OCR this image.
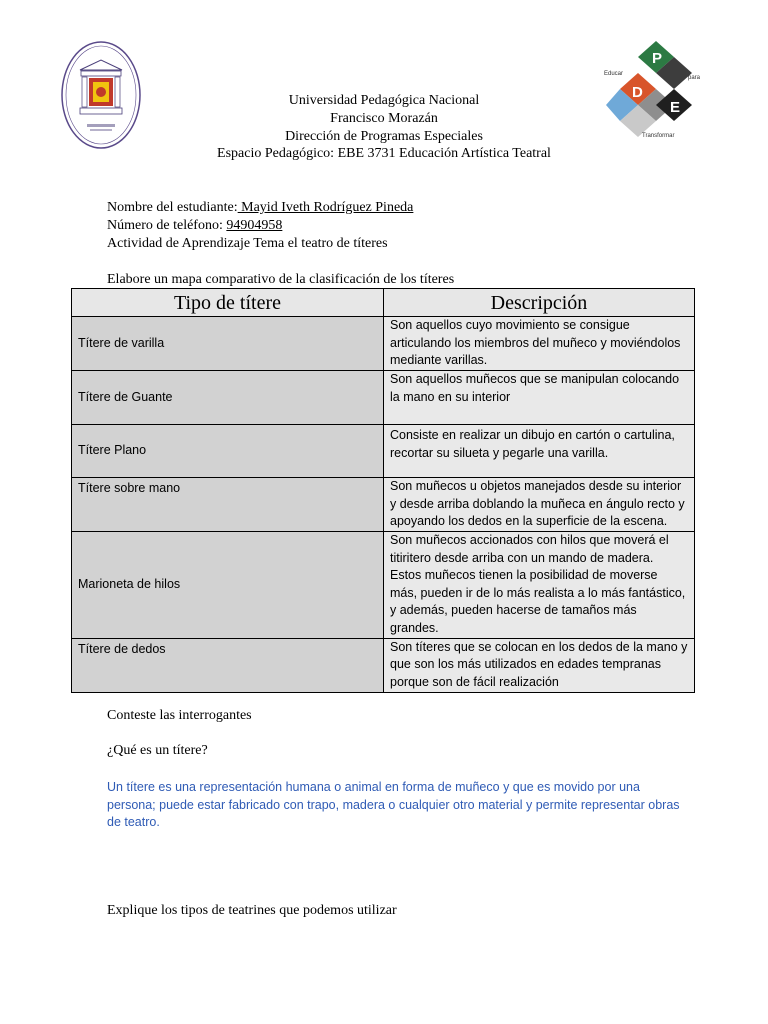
P
D
E
Educar
para
Transformar
Universidad Pedagógica Nacional
Francisco Morazán
Dirección de Programas Especiales
Espacio Pedagógico: EBE 3731 Educación Artística Teatral
Nombre del estudiante: Mayid Iveth Rodríguez Pineda
Número de teléfono: 94904958
Actividad de Aprendizaje Tema el teatro de títeres
Elabore un mapa comparativo de la clasificación de los títeres
Tipo de títere	Descripción
Títere de varilla	Son aquellos cuyo movimiento se consigue articulando los miembros del muñeco y moviéndolos mediante varillas.
Títere de Guante	Son aquellos muñecos que se manipulan colocando la mano en su interior
Títere Plano	Consiste en realizar un dibujo en cartón o cartulina, recortar su silueta y pegarle una varilla.
Títere sobre mano	Son muñecos u objetos manejados desde su interior y desde arriba doblando la muñeca en ángulo recto y apoyando los dedos en la superficie de la escena.
Marioneta de hilos	Son muñecos accionados con hilos que moverá el titiritero desde arriba con un mando de madera. Estos muñecos tienen la posibilidad de moverse más, pueden ir de lo más realista a lo más fantástico, y además, pueden hacerse de tamaños más grandes.
Títere de dedos	Son títeres que se colocan en los dedos de la mano y que son los más utilizados en edades tempranas porque son de fácil realización
Conteste las interrogantes
¿Qué es un títere?
Un títere es una representación humana o animal en forma de muñeco y que es movido por una persona; puede estar fabricado con trapo, madera o cualquier otro material y permite representar obras de teatro.
Explique los tipos de teatrines que podemos utilizar
